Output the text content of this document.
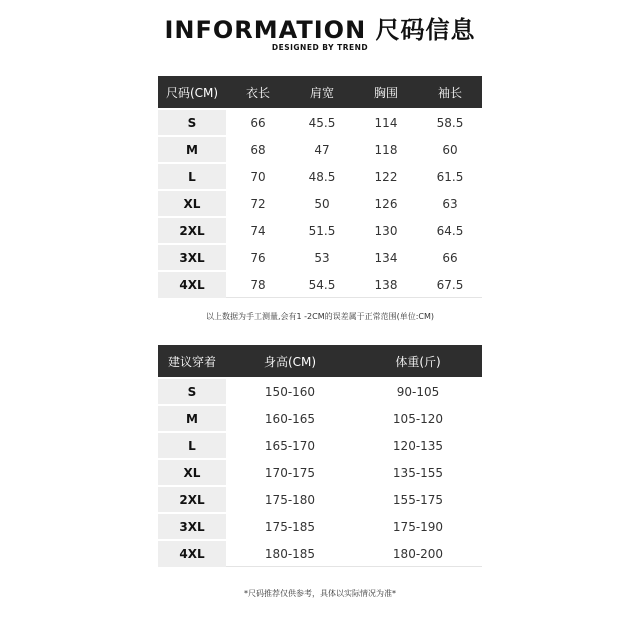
INFORMATION 尺码信息
DESIGNED BY TREND
尺码(CM)	衣长	肩宽	胸围	袖长
S	66	45.5	114	58.5
M	68	47	118	60
L	70	48.5	122	61.5
XL	72	50	126	63
2XL	74	51.5	130	64.5
3XL	76	53	134	66
4XL	78	54.5	138	67.5
以上数据为手工测量,会有1 -2CM的误差属于正常范围(单位:CM)
建议穿着	身高(CM)	体重(斤)
S	150-160	90-105
M	160-165	105-120
L	165-170	120-135
XL	170-175	135-155
2XL	175-180	155-175
3XL	175-185	175-190
4XL	180-185	180-200
*尺码推荐仅供参考，具体以实际情况为准*
